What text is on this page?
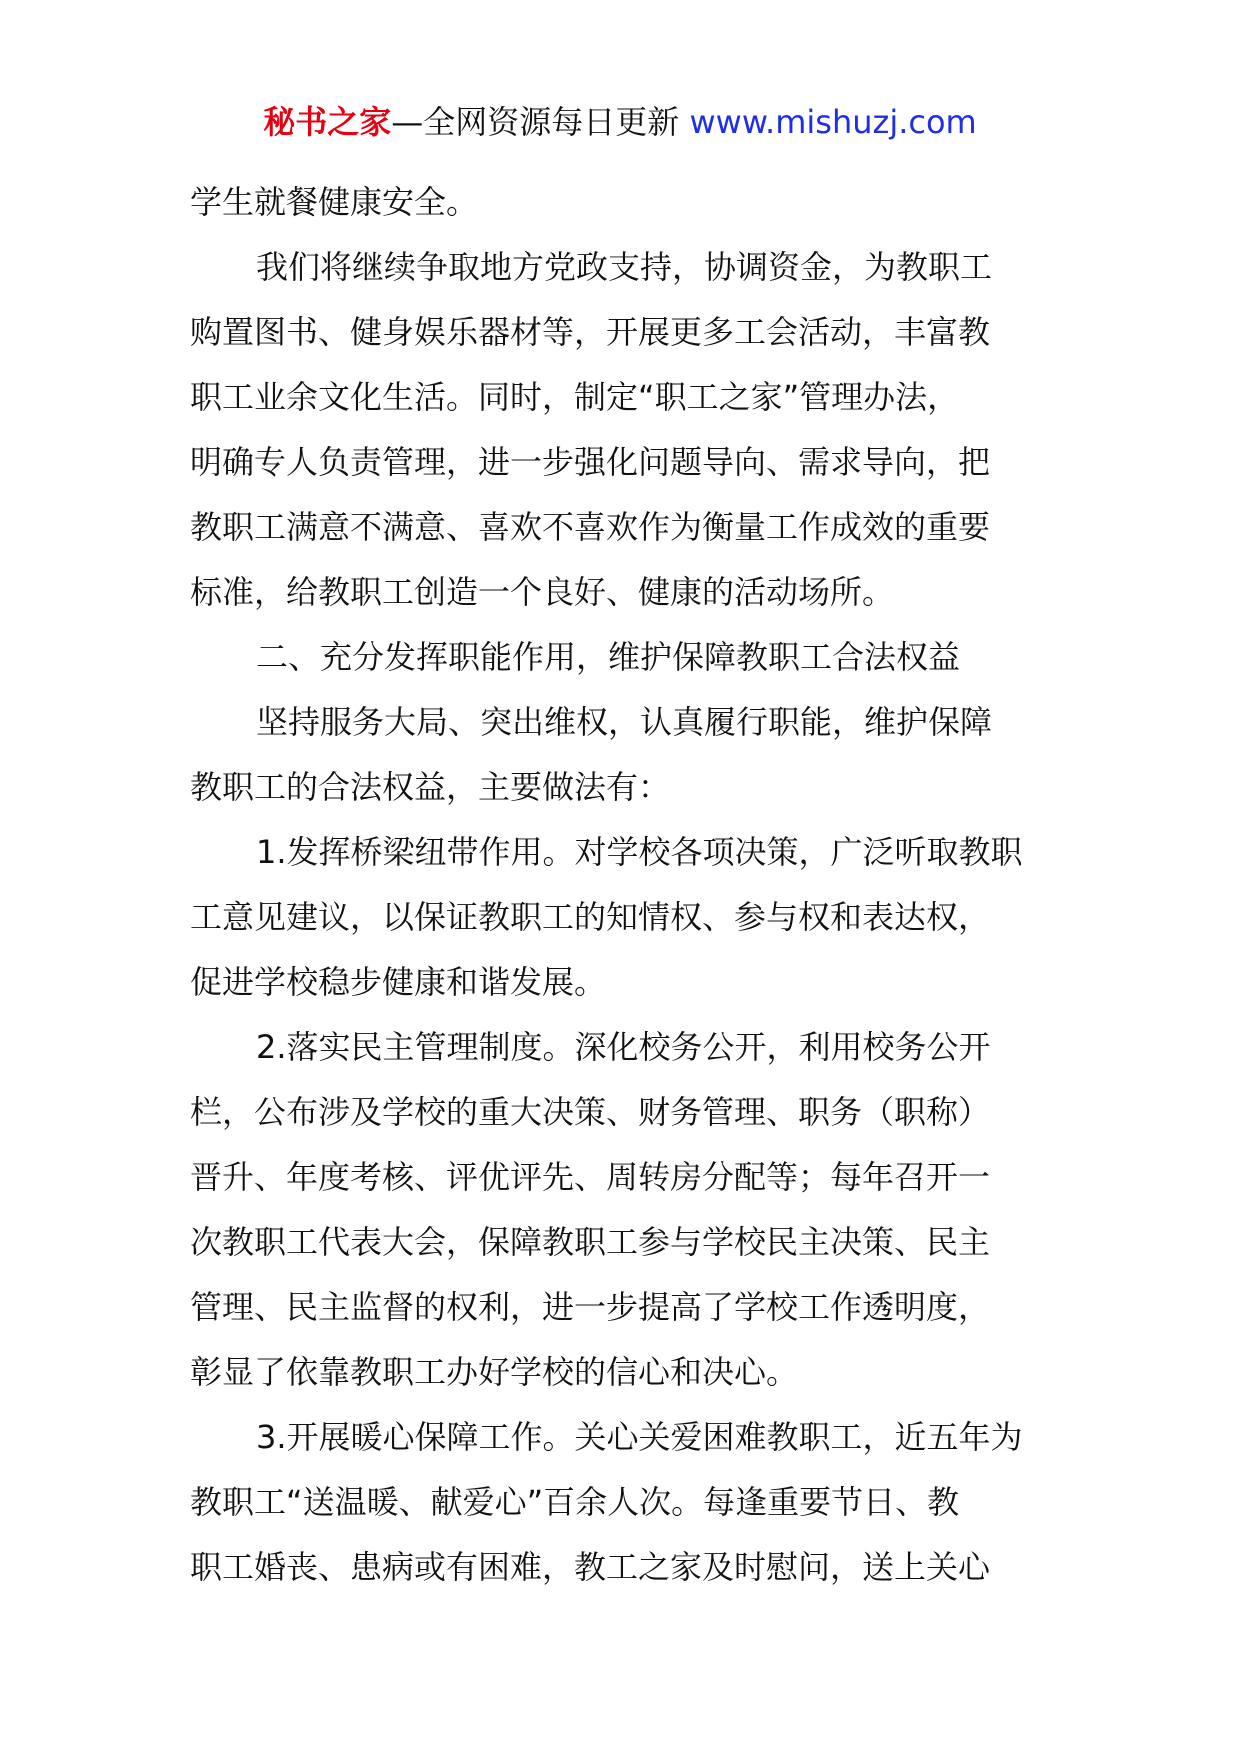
秘书之家—全网资源每日更新 www.mishuzj.com

学生就餐健康安全。

我们将继续争取地方党政支持，协调资金，为教职工

购置图书、健身娱乐器材等，开展更多工会活动，丰富教

职工业余文化生活。同时，制定“职工之家”管理办法，

明确专人负责管理，进一步强化问题导向、需求导向，把

教职工满意不满意、喜欢不喜欢作为衡量工作成效的重要

标准，给教职工创造一个良好、健康的活动场所。

二、充分发挥职能作用，维护保障教职工合法权益

坚持服务大局、突出维权，认真履行职能，维护保障

教职工的合法权益，主要做法有：

1.发挥桥梁纽带作用。对学校各项决策，广泛听取教职

工意见建议，以保证教职工的知情权、参与权和表达权，

促进学校稳步健康和谐发展。

2.落实民主管理制度。深化校务公开，利用校务公开

栏，公布涉及学校的重大决策、财务管理、职务（职称）

晋升、年度考核、评优评先、周转房分配等；每年召开一

次教职工代表大会，保障教职工参与学校民主决策、民主

管理、民主监督的权利，进一步提高了学校工作透明度，

彰显了依靠教职工办好学校的信心和决心。

3.开展暖心保障工作。关心关爱困难教职工，近五年为

教职工“送温暖、献爱心”百余人次。每逢重要节日、教

职工婚丧、患病或有困难，教工之家及时慰问，送上关心
